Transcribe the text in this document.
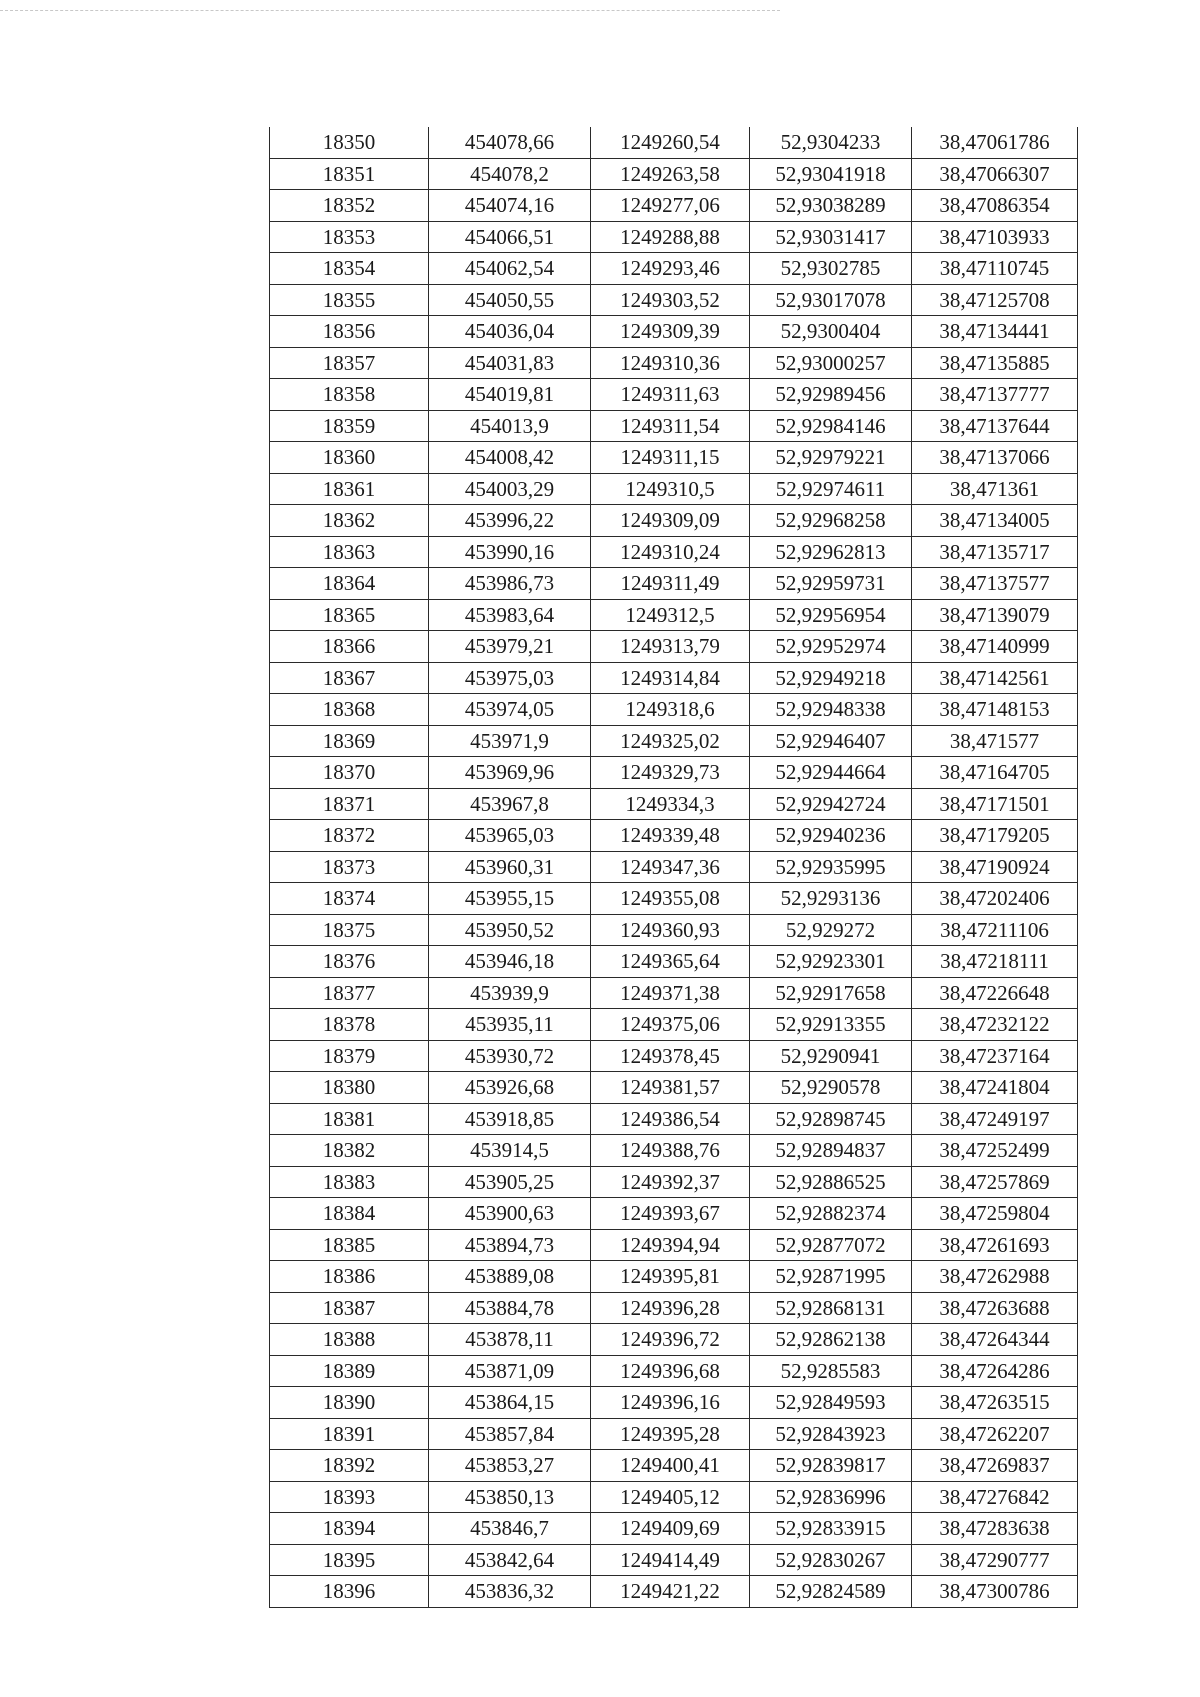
18350	454078,66	1249260,54	52,9304233	38,47061786
18351	454078,2	1249263,58	52,93041918	38,47066307
18352	454074,16	1249277,06	52,93038289	38,47086354
18353	454066,51	1249288,88	52,93031417	38,47103933
18354	454062,54	1249293,46	52,9302785	38,47110745
18355	454050,55	1249303,52	52,93017078	38,47125708
18356	454036,04	1249309,39	52,9300404	38,47134441
18357	454031,83	1249310,36	52,93000257	38,47135885
18358	454019,81	1249311,63	52,92989456	38,47137777
18359	454013,9	1249311,54	52,92984146	38,47137644
18360	454008,42	1249311,15	52,92979221	38,47137066
18361	454003,29	1249310,5	52,92974611	38,471361
18362	453996,22	1249309,09	52,92968258	38,47134005
18363	453990,16	1249310,24	52,92962813	38,47135717
18364	453986,73	1249311,49	52,92959731	38,47137577
18365	453983,64	1249312,5	52,92956954	38,47139079
18366	453979,21	1249313,79	52,92952974	38,47140999
18367	453975,03	1249314,84	52,92949218	38,47142561
18368	453974,05	1249318,6	52,92948338	38,47148153
18369	453971,9	1249325,02	52,92946407	38,471577
18370	453969,96	1249329,73	52,92944664	38,47164705
18371	453967,8	1249334,3	52,92942724	38,47171501
18372	453965,03	1249339,48	52,92940236	38,47179205
18373	453960,31	1249347,36	52,92935995	38,47190924
18374	453955,15	1249355,08	52,9293136	38,47202406
18375	453950,52	1249360,93	52,929272	38,47211106
18376	453946,18	1249365,64	52,92923301	38,47218111
18377	453939,9	1249371,38	52,92917658	38,47226648
18378	453935,11	1249375,06	52,92913355	38,47232122
18379	453930,72	1249378,45	52,9290941	38,47237164
18380	453926,68	1249381,57	52,9290578	38,47241804
18381	453918,85	1249386,54	52,92898745	38,47249197
18382	453914,5	1249388,76	52,92894837	38,47252499
18383	453905,25	1249392,37	52,92886525	38,47257869
18384	453900,63	1249393,67	52,92882374	38,47259804
18385	453894,73	1249394,94	52,92877072	38,47261693
18386	453889,08	1249395,81	52,92871995	38,47262988
18387	453884,78	1249396,28	52,92868131	38,47263688
18388	453878,11	1249396,72	52,92862138	38,47264344
18389	453871,09	1249396,68	52,9285583	38,47264286
18390	453864,15	1249396,16	52,92849593	38,47263515
18391	453857,84	1249395,28	52,92843923	38,47262207
18392	453853,27	1249400,41	52,92839817	38,47269837
18393	453850,13	1249405,12	52,92836996	38,47276842
18394	453846,7	1249409,69	52,92833915	38,47283638
18395	453842,64	1249414,49	52,92830267	38,47290777
18396	453836,32	1249421,22	52,92824589	38,47300786
